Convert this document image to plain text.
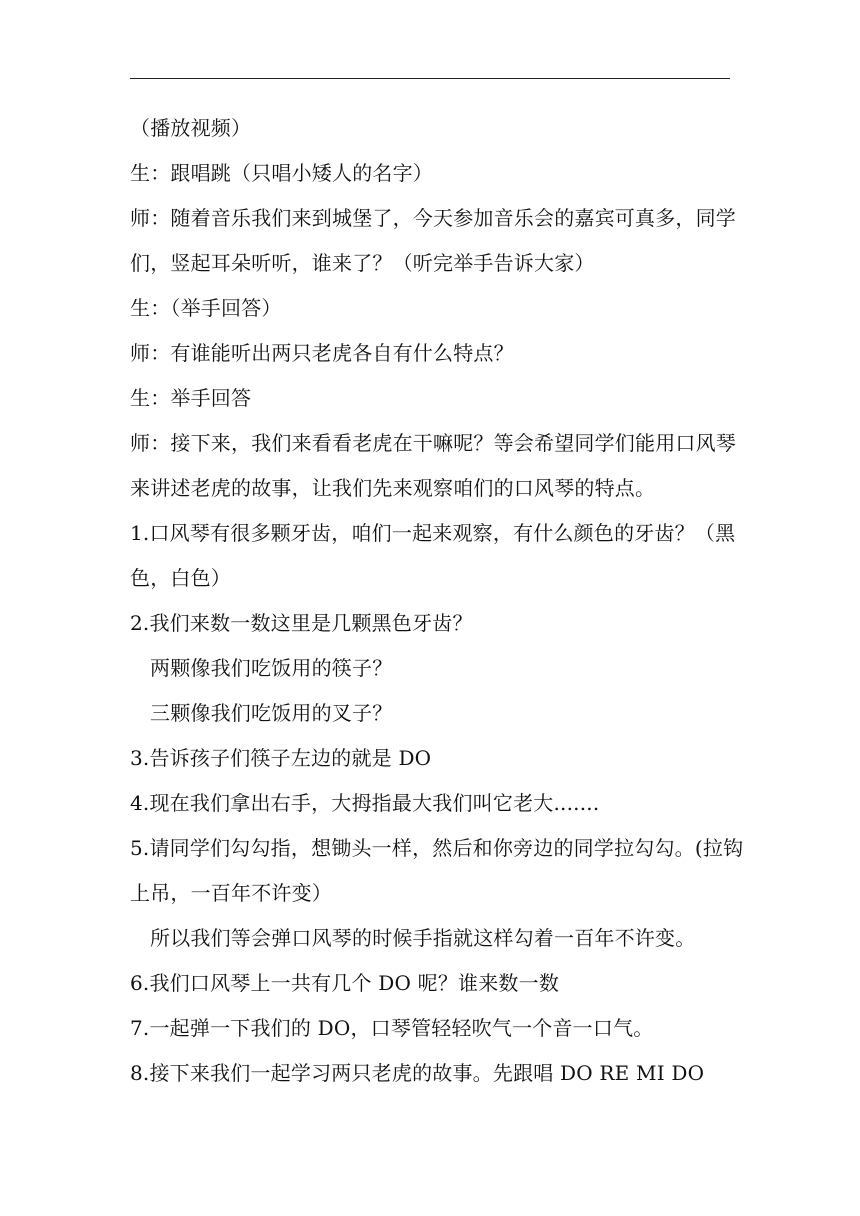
（播放视频）
生：跟唱跳（只唱小矮人的名字）
师：随着音乐我们来到城堡了，今天参加音乐会的嘉宾可真多，同学
们，竖起耳朵听听，谁来了？（听完举手告诉大家）
生：（举手回答）
师：有谁能听出两只老虎各自有什么特点？
生：举手回答
师：接下来，我们来看看老虎在干嘛呢？等会希望同学们能用口风琴
来讲述老虎的故事，让我们先来观察咱们的口风琴的特点。
1.口风琴有很多颗牙齿，咱们一起来观察，有什么颜色的牙齿？（黑
色，白色）
2.我们来数一数这里是几颗黑色牙齿？
两颗像我们吃饭用的筷子？
三颗像我们吃饭用的叉子？
3.告诉孩子们筷子左边的就是 DO
4.现在我们拿出右手，大拇指最大我们叫它老大.......
5.请同学们勾勾指，想锄头一样，然后和你旁边的同学拉勾勾。(拉钩
上吊，一百年不许变）
所以我们等会弹口风琴的时候手指就这样勾着一百年不许变。
6.我们口风琴上一共有几个 DO 呢？谁来数一数
7.一起弹一下我们的 DO，口琴管轻轻吹气一个音一口气。
8.接下来我们一起学习两只老虎的故事。先跟唱 DO RE MI DO
